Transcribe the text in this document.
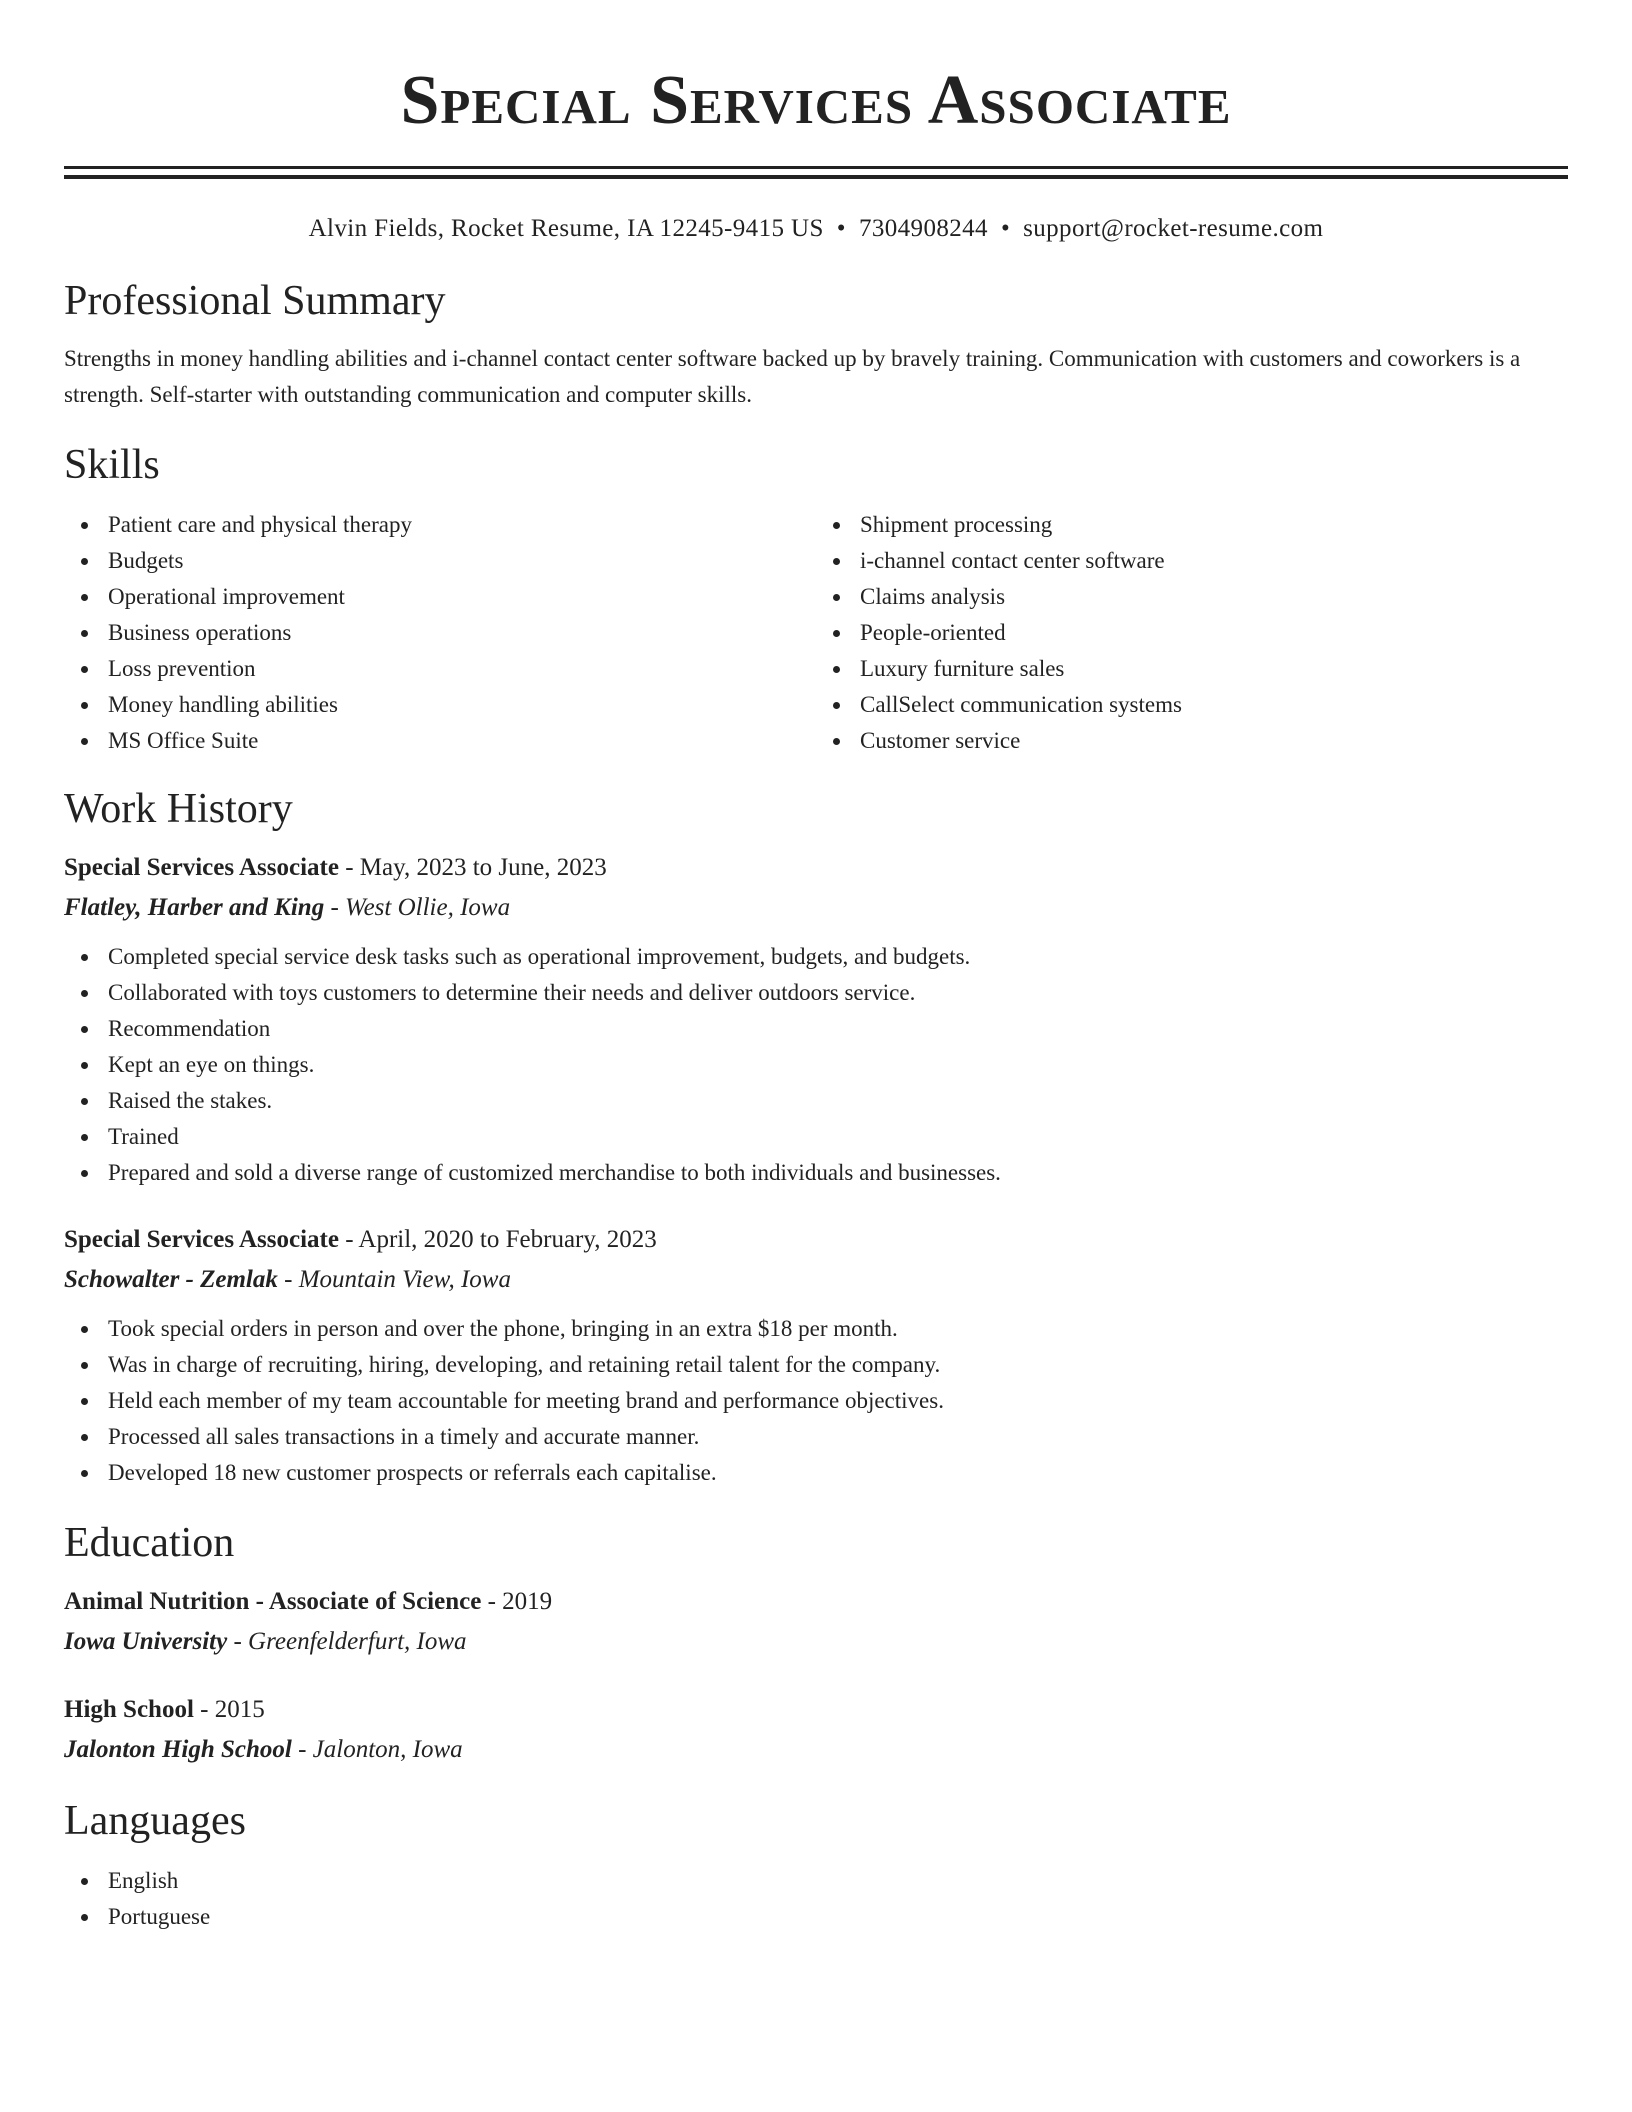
Special Services Associate
Alvin Fields, Rocket Resume, IA 12245-9415 US • 7304908244 • support@rocket-resume.com
Professional Summary

Strengths in money handling abilities and i-channel contact center software backed up by bravely training. Communication with customers and coworkers is a strength. Self-starter with outstanding communication and computer skills.

Skills
Patient care and physical therapy
Budgets
Operational improvement
Business operations
Loss prevention
Money handling abilities
MS Office Suite
Shipment processing
i-channel contact center software
Claims analysis
People-oriented
Luxury furniture sales
CallSelect communication systems
Customer service
Work History
Special Services Associate - May, 2023 to June, 2023
Flatley, Harber and King - West Ollie, Iowa
Completed special service desk tasks such as operational improvement, budgets, and budgets.
Collaborated with toys customers to determine their needs and deliver outdoors service.
Recommendation
Kept an eye on things.
Raised the stakes.
Trained
Prepared and sold a diverse range of customized merchandise to both individuals and businesses.
Special Services Associate - April, 2020 to February, 2023
Schowalter - Zemlak - Mountain View, Iowa
Took special orders in person and over the phone, bringing in an extra $18 per month.
Was in charge of recruiting, hiring, developing, and retaining retail talent for the company.
Held each member of my team accountable for meeting brand and performance objectives.
Processed all sales transactions in a timely and accurate manner.
Developed 18 new customer prospects or referrals each capitalise.
Education
Animal Nutrition - Associate of Science - 2019
Iowa University - Greenfelderfurt, Iowa
High School - 2015
Jalonton High School - Jalonton, Iowa
Languages
English
Portuguese
